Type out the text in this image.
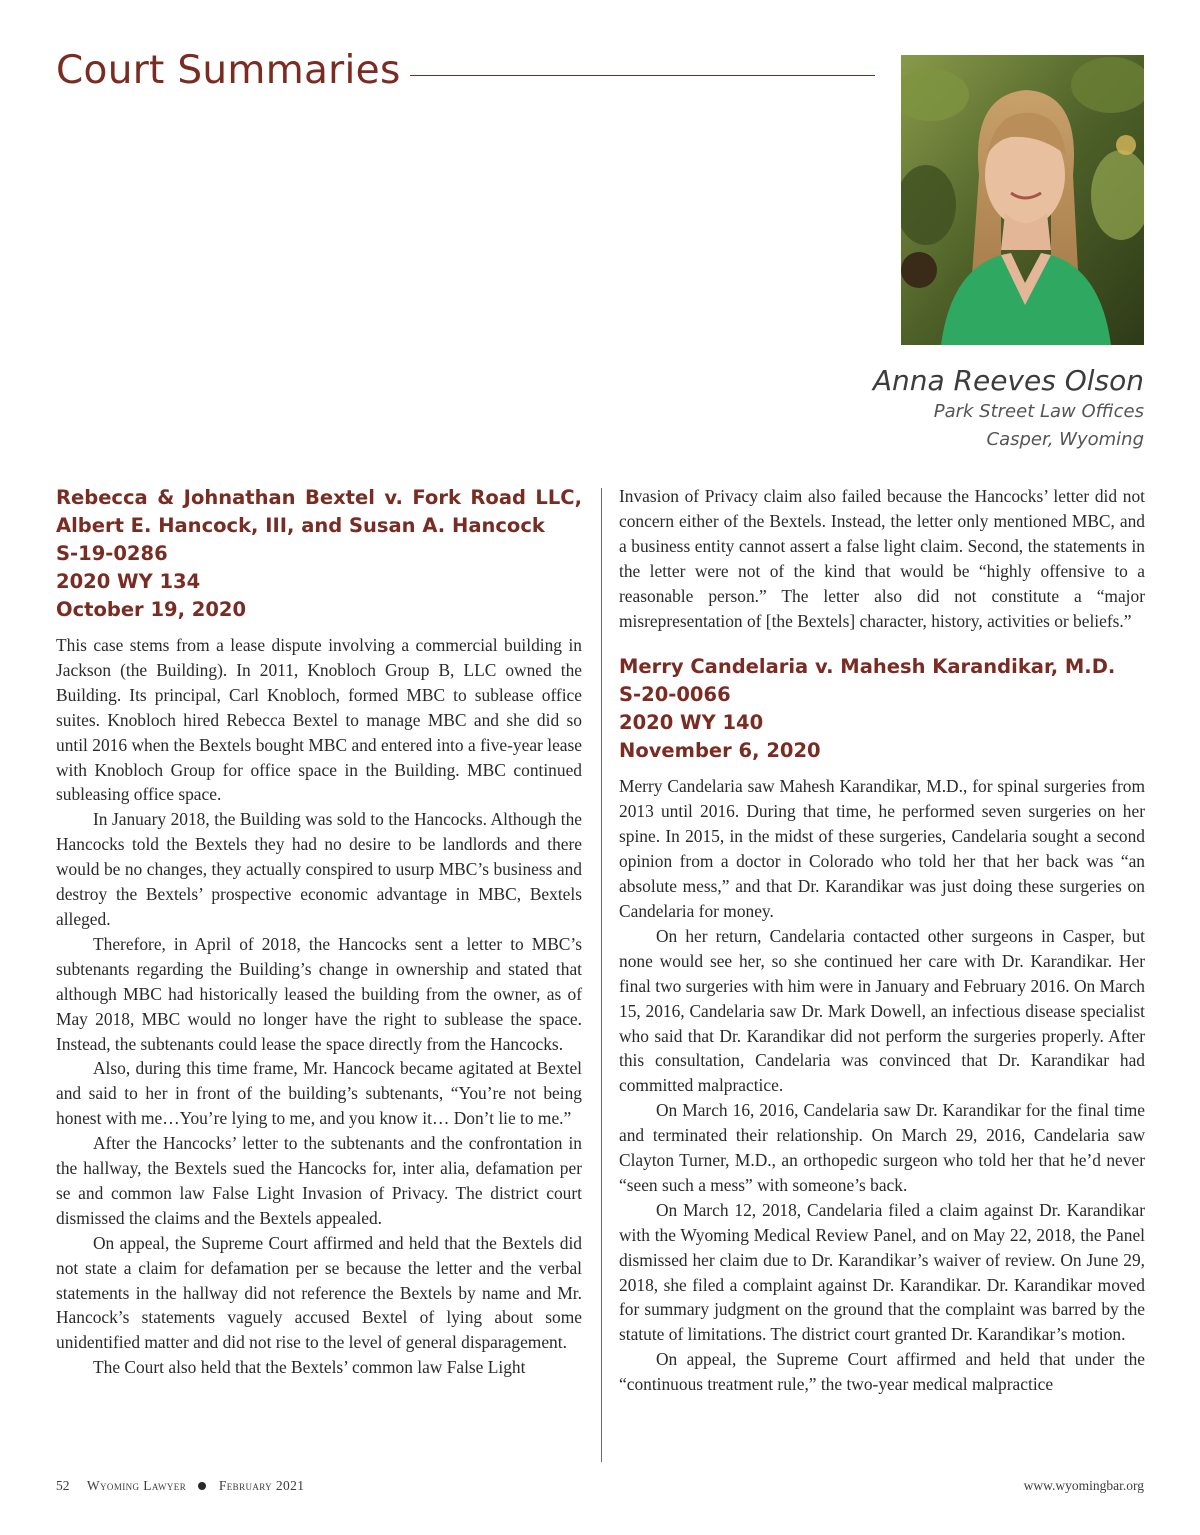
Court Summaries
Anna Reeves Olson
Park Street Law Offices
Casper, Wyoming
Rebecca & Johnathan Bextel v. Fork Road LLC,
Albert E. Hancock, III, and Susan A. Hancock
S-19-0286
2020 WY 134
October 19, 2020

This case stems from a lease dispute involving a commercial building in Jackson (the Building). In 2011, Knobloch Group B, LLC owned the Building. Its principal, Carl Knobloch, formed MBC to sublease office suites. Knobloch hired Rebecca Bextel to manage MBC and she did so until 2016 when the Bextels bought MBC and entered into a five-year lease with Knobloch Group for office space in the Building. MBC continued subleasing office space.

In January 2018, the Building was sold to the Hancocks. Although the Hancocks told the Bextels they had no desire to be landlords and there would be no changes, they actually conspired to usurp MBC’s business and destroy the Bextels’ prospective economic advantage in MBC, Bextels alleged.

Therefore, in April of 2018, the Hancocks sent a letter to MBC’s subtenants regarding the Building’s change in ownership and stated that although MBC had historically leased the building from the owner, as of May 2018, MBC would no longer have the right to sublease the space. Instead, the subtenants could lease the space directly from the Hancocks.

Also, during this time frame, Mr. Hancock became agitated at Bextel and said to her in front of the building’s subtenants, “You’re not being honest with me…You’re lying to me, and you know it… Don’t lie to me.”

After the Hancocks’ letter to the subtenants and the confrontation in the hallway, the Bextels sued the Hancocks for, inter alia, defamation per se and common law False Light Invasion of Privacy. The district court dismissed the claims and the Bextels appealed.

On appeal, the Supreme Court affirmed and held that the Bextels did not state a claim for defamation per se because the letter and the verbal statements in the hallway did not reference the Bextels by name and Mr. Hancock’s statements vaguely accused Bextel of lying about some unidentified matter and did not rise to the level of general disparagement.

The Court also held that the Bextels’ common law False Light

Invasion of Privacy claim also failed because the Hancocks’ letter did not concern either of the Bextels. Instead, the letter only mentioned MBC, and a business entity cannot assert a false light claim. Second, the statements in the letter were not of the kind that would be “highly offensive to a reasonable person.” The letter also did not constitute a “major misrepresentation of [the Bextels] character, history, activities or beliefs.”

Merry Candelaria v. Mahesh Karandikar, M.D.
S-20-0066
2020 WY 140
November 6, 2020

Merry Candelaria saw Mahesh Karandikar, M.D., for spinal surgeries from 2013 until 2016. During that time, he performed seven surgeries on her spine. In 2015, in the midst of these surgeries, Candelaria sought a second opinion from a doctor in Colorado who told her that her back was “an absolute mess,” and that Dr. Karandikar was just doing these surgeries on Candelaria for money.

On her return, Candelaria contacted other surgeons in Casper, but none would see her, so she continued her care with Dr. Karandikar. Her final two surgeries with him were in January and February 2016. On March 15, 2016, Candelaria saw Dr. Mark Dowell, an infectious disease specialist who said that Dr. Karandikar did not perform the surgeries properly. After this consultation, Candelaria was convinced that Dr. Karandikar had committed malpractice.

On March 16, 2016, Candelaria saw Dr. Karandikar for the final time and terminated their relationship. On March 29, 2016, Candelaria saw Clayton Turner, M.D., an orthopedic surgeon who told her that he’d never “seen such a mess” with someone’s back.

On March 12, 2018, Candelaria filed a claim against Dr. Karandikar with the Wyoming Medical Review Panel, and on May 22, 2018, the Panel dismissed her claim due to Dr. Karandikar’s waiver of review. On June 29, 2018, she filed a complaint against Dr. Karandikar. Dr. Karandikar moved for summary judgment on the ground that the complaint was barred by the statute of limitations. The district court granted Dr. Karandikar’s motion.

On appeal, the Supreme Court affirmed and held that under the “continuous treatment rule,” the two-year medical malpractice

52 Wyoming Lawyer February 2021	www.wyomingbar.org
